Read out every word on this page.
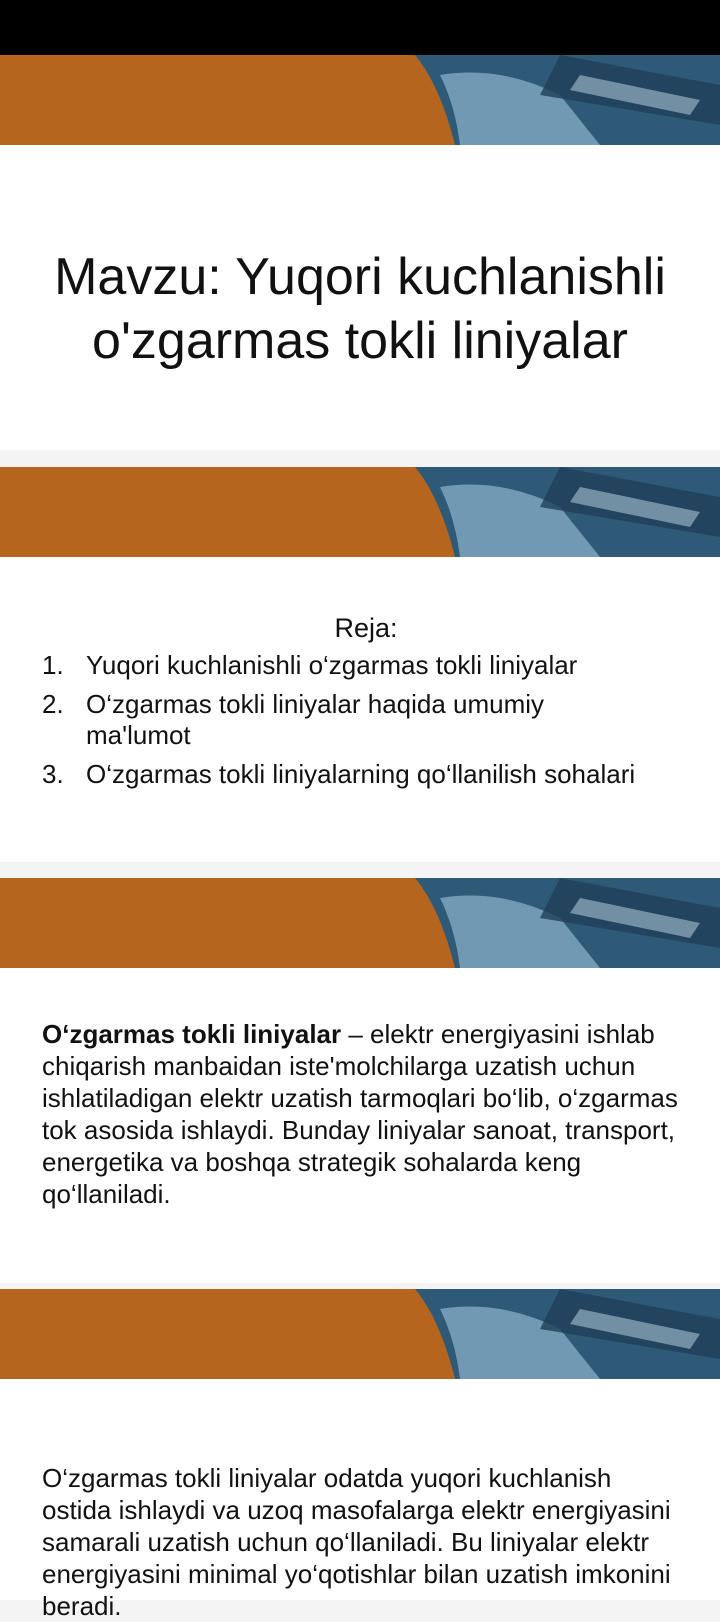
Mavzu: Yuqori kuchlanishli
o'zgarmas tokli liniyalar
Reja:
1. Yuqori kuchlanishli o‘zgarmas tokli liniyalar
2. O‘zgarmas tokli liniyalar haqida umumiy ma'lumot
3. O‘zgarmas tokli liniyalarning qo‘llanilish sohalari

O‘zgarmas tokli liniyalar – elektr energiyasini ishlab chiqarish manbaidan iste'molchilarga uzatish uchun ishlatiladigan elektr uzatish tarmoqlari bo‘lib, o‘zgarmas tok asosida ishlaydi. Bunday liniyalar sanoat, transport, energetika va boshqa strategik sohalarda keng qo‘llaniladi.

O‘zgarmas tokli liniyalar odatda yuqori kuchlanish ostida ishlaydi va uzoq masofalarga elektr energiyasini samarali uzatish uchun qo‘llaniladi. Bu liniyalar elektr energiyasini minimal yo‘qotishlar bilan uzatish imkonini beradi.
